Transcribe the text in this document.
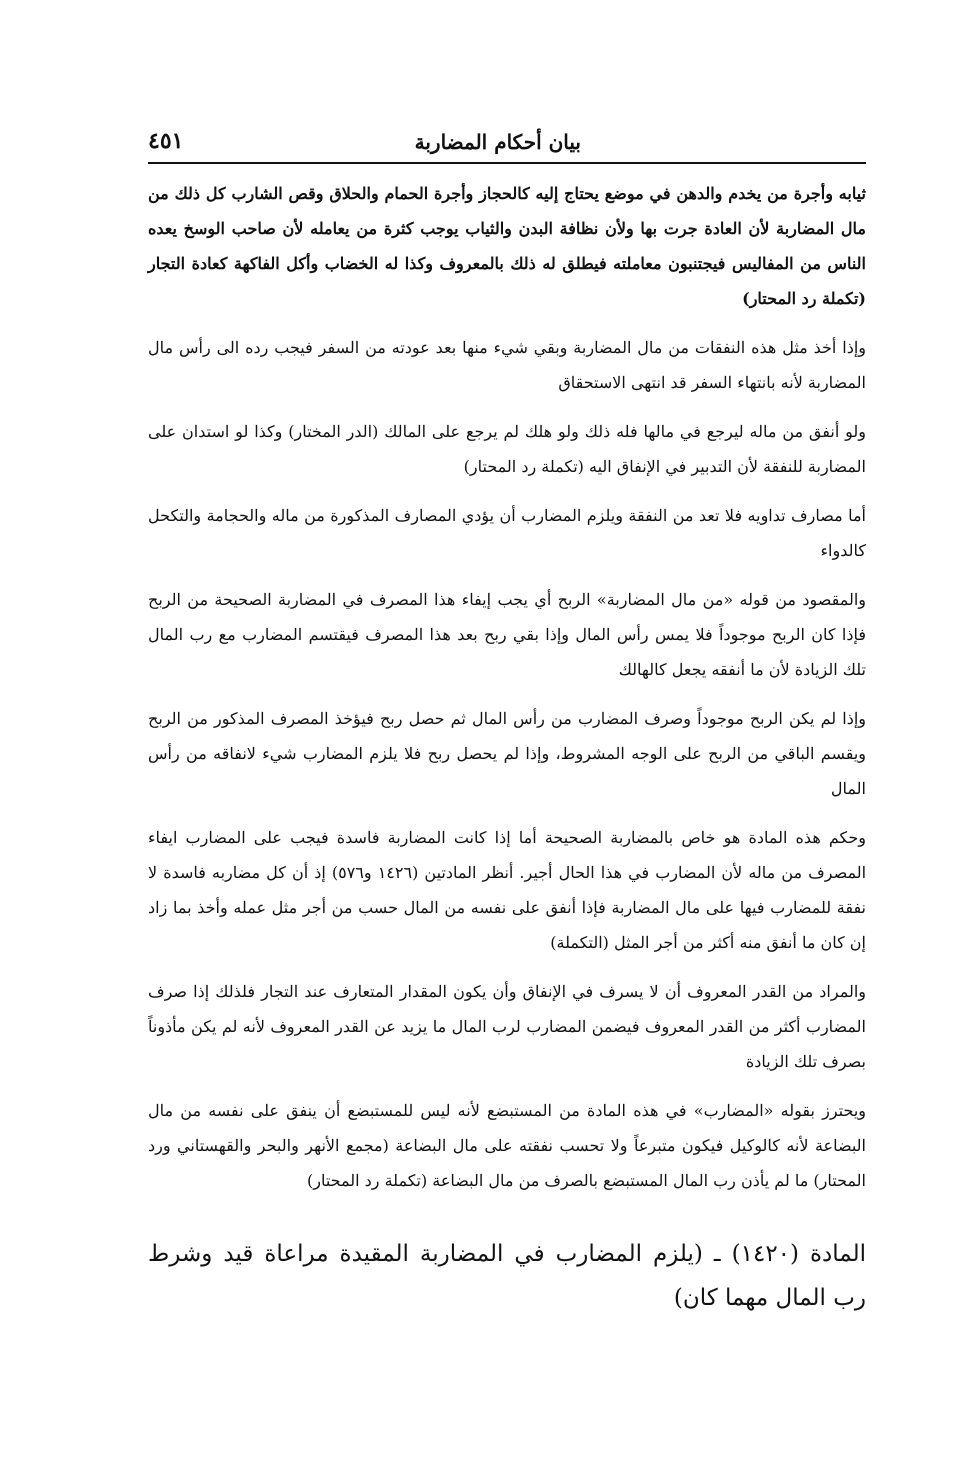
بيان أحكام المضاربة
٤٥١

ثيابه وأجرة من يخدم والدهن في موضع يحتاج إليه كالحجاز وأجرة الحمام والحلاق وقص الشارب كل ذلك من مال المضاربة لأن العادة جرت بها ولأن نظافة البدن والثياب يوجب كثرة من يعامله لأن صاحب الوسخ يعده الناس من المفاليس فيجتنبون معاملته فيطلق له ذلك بالمعروف وكذا له الخضاب وأكل الفاكهة كعادة التجار (تكملة رد المحتار)

وإذا أخذ مثل هذه النفقات من مال المضاربة وبقي شيء منها بعد عودته من السفر فيجب رده الى رأس مال المضاربة لأنه بانتهاء السفر قد انتهى الاستحقاق

ولو أنفق من ماله ليرجع في مالها فله ذلك ولو هلك لم يرجع على المالك (الدر المختار) وكذا لو استدان على المضاربة للنفقة لأن التدبير في الإنفاق اليه (تكملة رد المحتار)

أما مصارف تداويه فلا تعد من النفقة ويلزم المضارب أن يؤدي المصارف المذكورة من ماله والحجامة والتكحل كالدواء

والمقصود من قوله «من مال المضاربة» الربح أي يجب إيفاء هذا المصرف في المضاربة الصحيحة من الربح فإذا كان الربح موجوداً فلا يمس رأس المال وإذا بقي ربح بعد هذا المصرف فيقتسم المضارب مع رب المال تلك الزيادة لأن ما أنفقه يجعل كالهالك

وإذا لم يكن الربح موجوداً وصرف المضارب من رأس المال ثم حصل ربح فيؤخذ المصرف المذكور من الربح ويقسم الباقي من الربح على الوجه المشروط، وإذا لم يحصل ربح فلا يلزم المضارب شيء لانفاقه من رأس المال

وحكم هذه المادة هو خاص بالمضاربة الصحيحة أما إذا كانت المضاربة فاسدة فيجب على المضارب ايفاء المصرف من ماله لأن المضارب في هذا الحال أجير. أنظر المادتين (١٤٢٦ و٥٧٦) إذ أن كل مضاربه فاسدة لا نفقة للمضارب فيها على مال المضاربة فإذا أنفق على نفسه من المال حسب من أجر مثل عمله وأخذ بما زاد إن كان ما أنفق منه أكثر من أجر المثل (التكملة)

والمراد من القدر المعروف أن لا يسرف في الإنفاق وأن يكون المقدار المتعارف عند التجار فلذلك إذا صرف المضارب أكثر من القدر المعروف فيضمن المضارب لرب المال ما يزيد عن القدر المعروف لأنه لم يكن مأذوناً بصرف تلك الزيادة

ويحترز بقوله «المضارب» في هذه المادة من المستبضع لأنه ليس للمستبضع أن ينفق على نفسه من مال البضاعة لأنه كالوكيل فيكون متبرعاً ولا تحسب نفقته على مال البضاعة (مجمع الأنهر والبحر والقهستاني ورد المحتار) ما لم يأذن رب المال المستبضع بالصرف من مال البضاعة (تكملة رد المحتار)

المادة (١٤٢٠) ـ (يلزم المضارب في المضاربة المقيدة مراعاة قيد وشرط رب المال مهما كان)
